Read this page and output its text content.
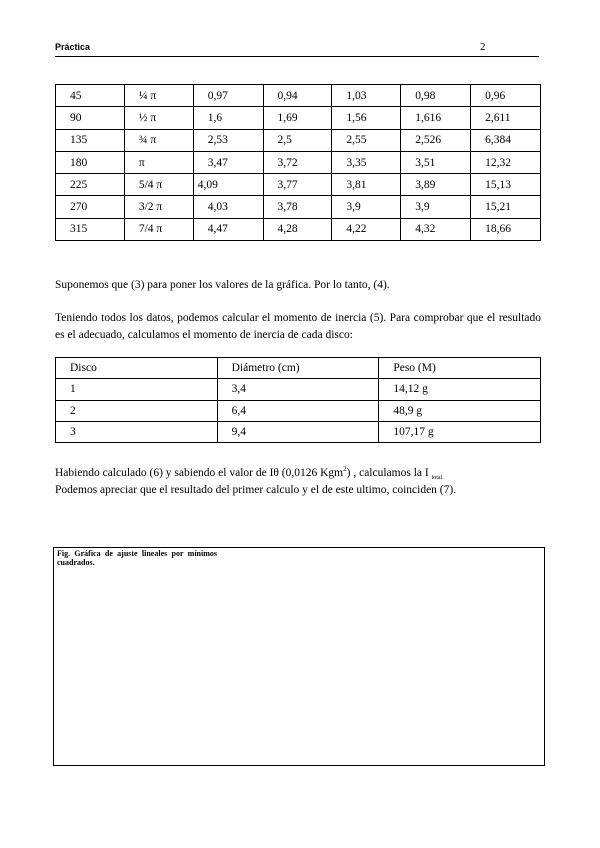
Práctica	2
45	¼ π	0,97	0,94	1,03	0,98	0,96
90	½ π	1,6	1,69	1,56	1,616	2,611
135	¾ π	2,53	2,5	2,55	2,526	6,384
180	π	3,47	3,72	3,35	3,51	12,32
225	5/4 π	4,09	3,77	3,81	3,89	15,13
270	3/2 π	4,03	3,78	3,9	3,9	15,21
315	7/4 π	4,47	4,28	4,22	4,32	18,66
Suponemos que (3) para poner los valores de la gráfica. Por lo tanto, (4).
Teniendo todos los datos, podemos calcular el momento de inercia (5). Para comprobar que el resultado es el adecuado, calculamos el momento de inercia de cada disco:
Disco	Diámetro (cm)	Peso (M)
1	3,4	14,12 g
2	6,4	48,9 g
3	9,4	107,17 g
Habiendo calculado (6) y sabiendo el valor de Iθ (0,0126 Kgm$^2$) , calculamos la I $_{total.}$
Podemos apreciar que el resultado del primer calculo y el de este ultimo, coinciden (7).
Fig. Gráfica de ajuste lineales por mínimos cuadrados.
